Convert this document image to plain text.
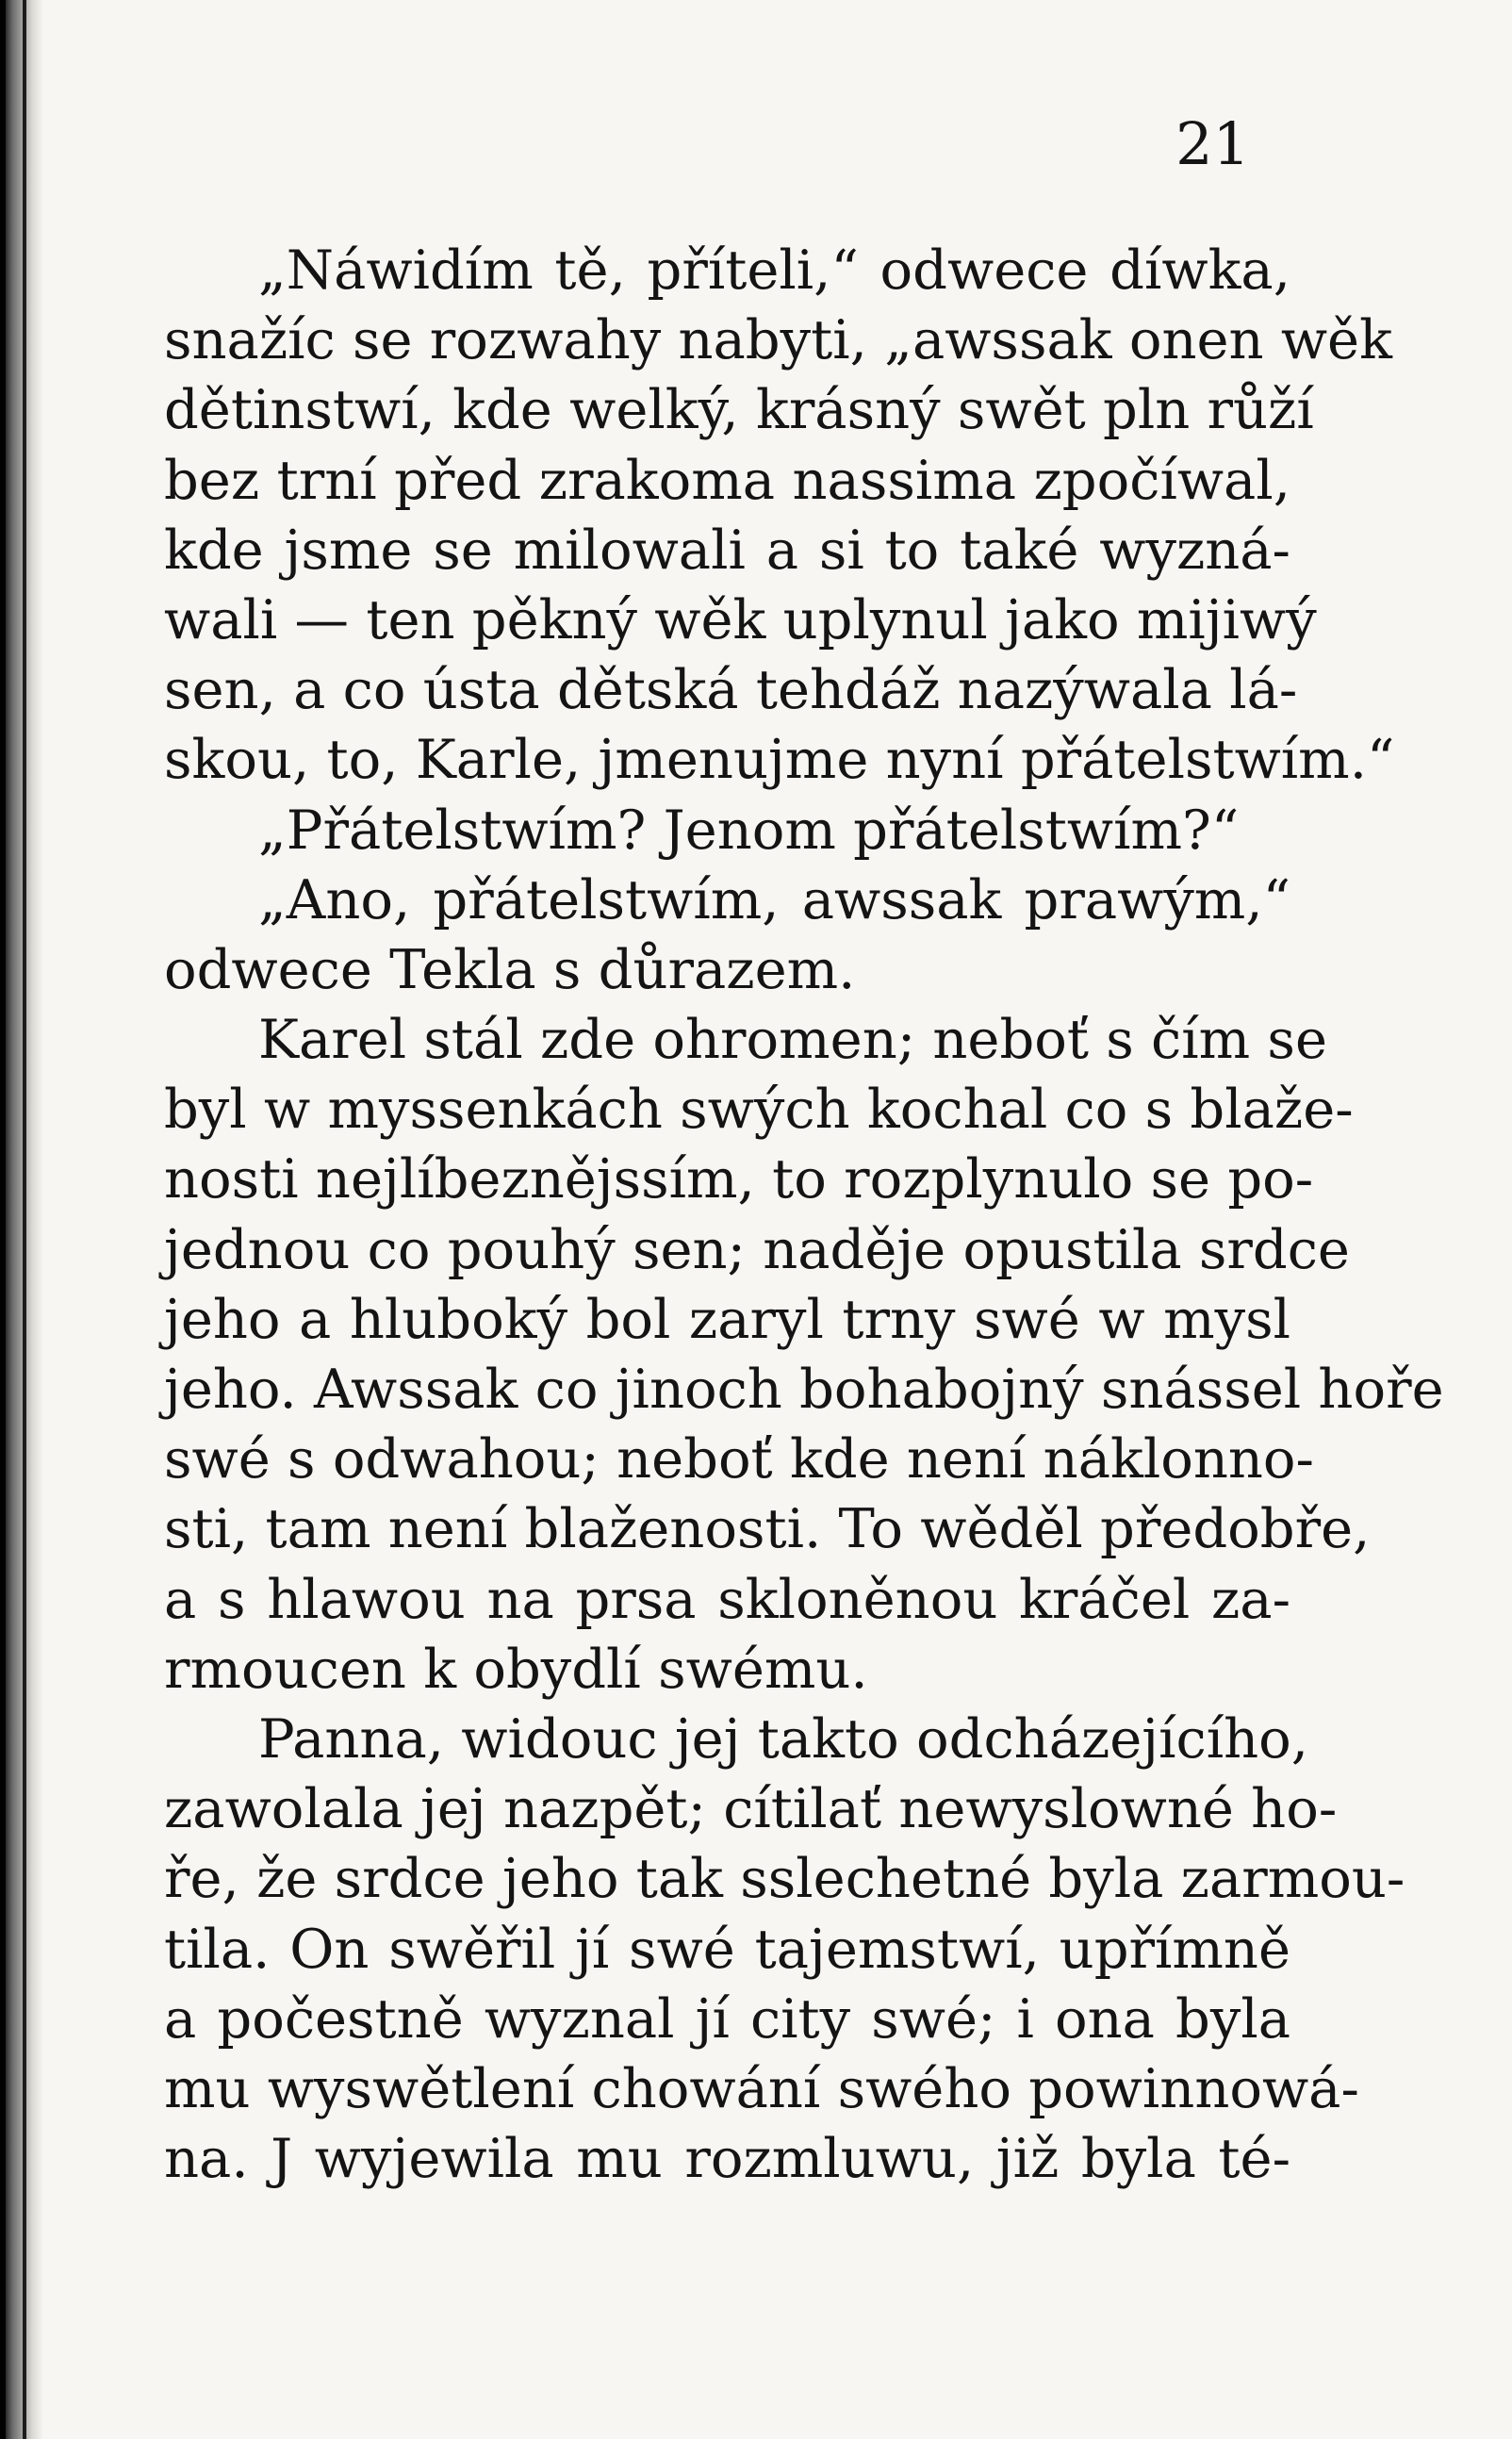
21
„Náwidím tě, příteli,“ odwece díwka,
snažíc se rozwahy nabyti, „awssak onen wěk
dětinstwí, kde welký, krásný swět pln růží
bez trní před zrakoma nassima zpočíwal,
kde jsme se milowali a si to také wyzná-
wali — ten pěkný wěk uplynul jako mijiwý
sen, a co ústa dětská tehdáž nazýwala lá-
skou, to, Karle, jmenujme nyní přátelstwím.“
„Přátelstwím? Jenom přátelstwím?“
„Ano, přátelstwím, awssak prawým,“
odwece Tekla s důrazem.
Karel stál zde ohromen; neboť s čím se
byl w myssenkách swých kochal co s blaže-
nosti nejlíbeznějssím, to rozplynulo se po-
jednou co pouhý sen; naděje opustila srdce
jeho a hluboký bol zaryl trny swé w mysl
jeho. Awssak co jinoch bohabojný snássel hoře
swé s odwahou; neboť kde není náklonno-
sti, tam není blaženosti. To wěděl předobře,
a s hlawou na prsa skloněnou kráčel za-
rmoucen k obydlí swému.
Panna, widouc jej takto odcházejícího,
zawolala jej nazpět; cítilať newyslowné ho-
ře, že srdce jeho tak sslechetné byla zarmou-
tila. On swěřil jí swé tajemstwí, upřímně
a počestně wyznal jí city swé; i ona byla
mu wyswětlení chowání swého powinnowá-
na. J wyjewila mu rozmluwu, již byla té-
